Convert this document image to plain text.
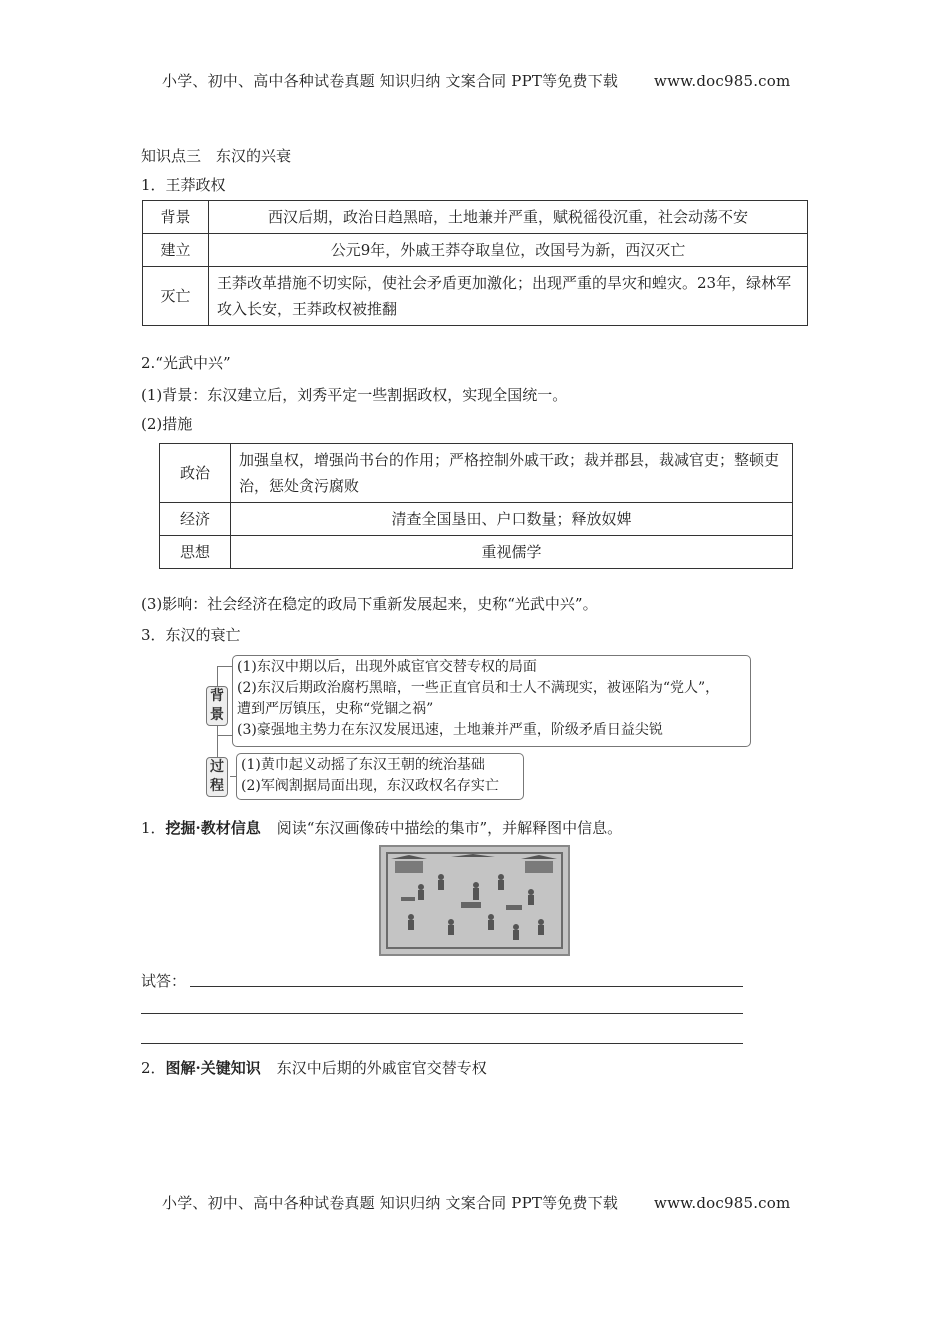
小学、初中、高中各种试卷真题 知识归纳 文案合同 PPT等免费下载 www.doc985.com
知识点三　东汉的兴衰
1．王莽政权
背景	西汉后期，政治日趋黑暗，土地兼并严重，赋税徭役沉重，社会动荡不安
建立	公元9年，外戚王莽夺取皇位，改国号为新，西汉灭亡
灭亡	王莽改革措施不切实际，使社会矛盾更加激化；出现严重的旱灾和蝗灾。23年，绿林军攻入长安，王莽政权被推翻
2.“光武中兴”
(1)背景：东汉建立后，刘秀平定一些割据政权，实现全国统一。
(2)措施
政治	加强皇权，增强尚书台的作用；严格控制外戚干政；裁并郡县，裁减官吏；整顿吏治，惩处贪污腐败
经济	清查全国垦田、户口数量；释放奴婢
思想	重视儒学
(3)影响：社会经济在稳定的政局下重新发展起来，史称“光武中兴”。
3．东汉的衰亡
背景
(1)东汉中期以后，出现外戚宦官交替专权的局面
(2)东汉后期政治腐朽黑暗，一些正直官员和士人不满现实，被诬陷为“党人”，
遭到严厉镇压，史称“党锢之祸”
(3)豪强地主势力在东汉发展迅速，土地兼并严重，阶级矛盾日益尖锐
过程
(1)黄巾起义动摇了东汉王朝的统治基础
(2)军阀割据局面出现，东汉政权名存实亡
1．挖掘·教材信息 阅读“东汉画像砖中描绘的集市”，并解释图中信息。
试答：
2．图解·关键知识 东汉中后期的外戚宦官交替专权
小学、初中、高中各种试卷真题 知识归纳 文案合同 PPT等免费下载 www.doc985.com
